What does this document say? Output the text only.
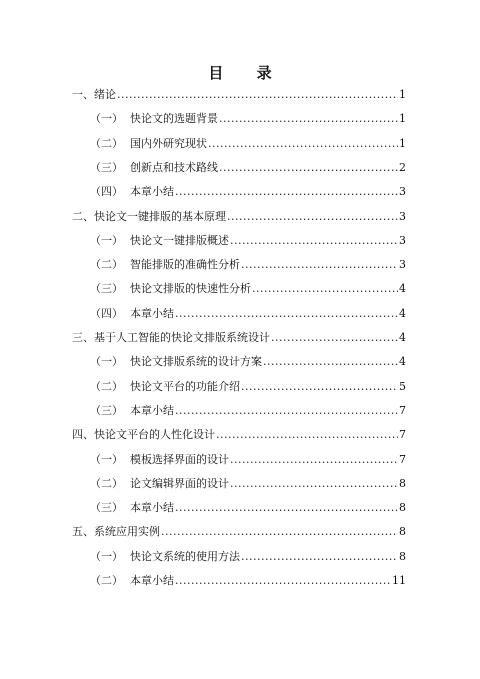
目 录
一、 绪论 .....	1
（一） 快论文的选题背景 .....	1
（二） 国内外研究现状 .....	1
（三） 创新点和技术路线 .....	2
（四） 本章小结 .....	3
二、 快论文一键排版的基本原理 .....	3
（一） 快论文一键排版概述 .....	3
（二） 智能排版的准确性分析 .....	3
（三） 快论文排版的快速性分析 .....	4
（四） 本章小结 .....	4
三、 基于人工智能的快论文排版系统设计 .....	4
（一） 快论文排版系统的设计方案 .....	4
（二） 快论文平台的功能介绍 .....	5
（三） 本章小结 .....	7
四、 快论文平台的人性化设计 .....	7
（一） 模板选择界面的设计 .....	7
（二） 论文编辑界面的设计 .....	8
（三） 本章小结 .....	8
五、 系统应用实例 .....	8
（一） 快论文系统的使用方法 .....	8
（二） 本章小结 .....	11
